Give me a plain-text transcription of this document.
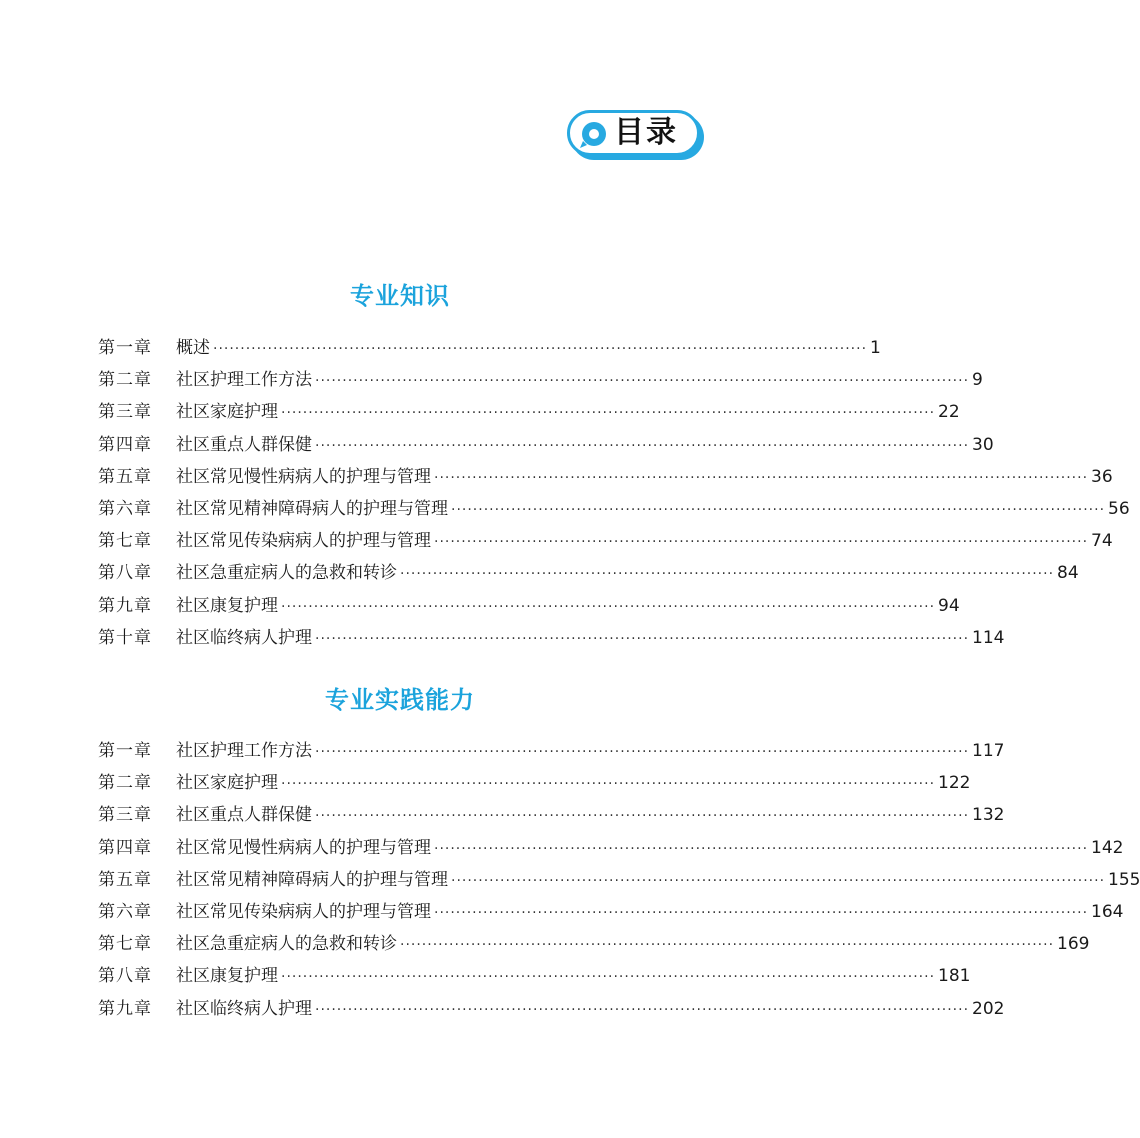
目录
专业知识
第一章	概述 ························································································································ 1
第二章	社区护理工作方法 ························································································································ 9
第三章	社区家庭护理 ························································································································ 22
第四章	社区重点人群保健 ························································································································ 30
第五章	社区常见慢性病病人的护理与管理 ························································································································ 36
第六章	社区常见精神障碍病人的护理与管理 ························································································································ 56
第七章	社区常见传染病病人的护理与管理 ························································································································ 74
第八章	社区急重症病人的急救和转诊 ························································································································ 84
第九章	社区康复护理 ························································································································ 94
第十章	社区临终病人护理 ························································································································ 114
专业实践能力
第一章	社区护理工作方法 ························································································································ 117
第二章	社区家庭护理 ························································································································ 122
第三章	社区重点人群保健 ························································································································ 132
第四章	社区常见慢性病病人的护理与管理 ························································································································ 142
第五章	社区常见精神障碍病人的护理与管理 ························································································································ 155
第六章	社区常见传染病病人的护理与管理 ························································································································ 164
第七章	社区急重症病人的急救和转诊 ························································································································ 169
第八章	社区康复护理 ························································································································ 181
第九章	社区临终病人护理 ························································································································ 202
